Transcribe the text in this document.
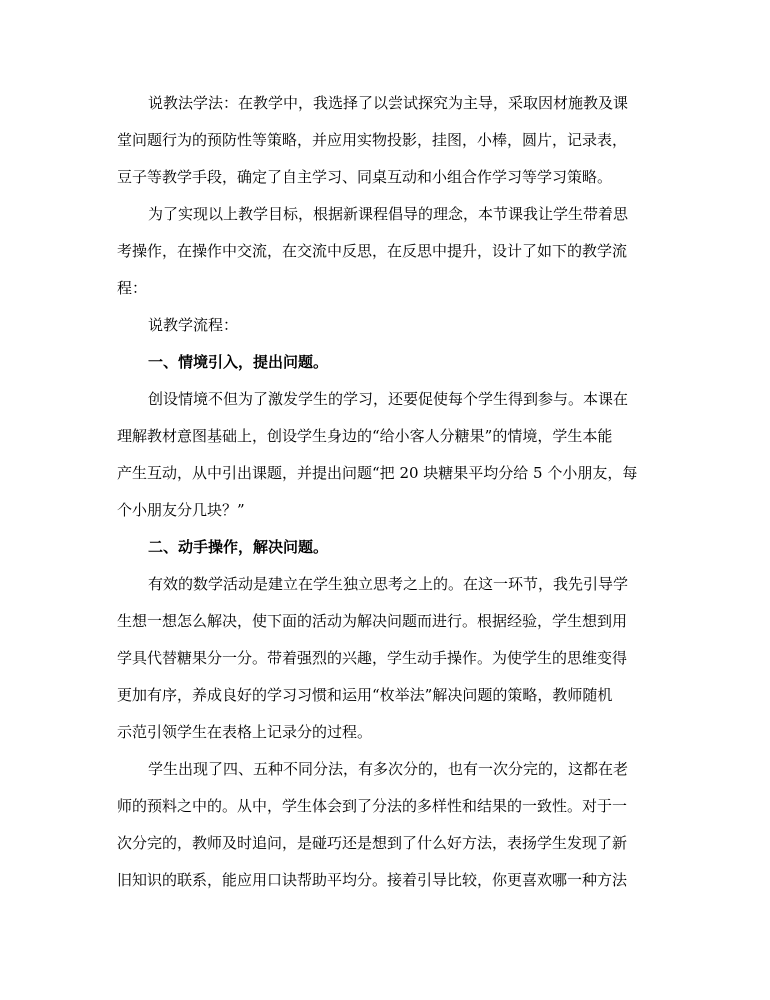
说教法学法：在教学中，我选择了以尝试探究为主导，采取因材施教及课
堂问题行为的预防性等策略，并应用实物投影，挂图，小棒，圆片，记录表，
豆子等教学手段，确定了自主学习、同桌互动和小组合作学习等学习策略。
为了实现以上教学目标，根据新课程倡导的理念，本节课我让学生带着思
考操作，在操作中交流，在交流中反思，在反思中提升，设计了如下的教学流
程：
说教学流程：
一、情境引入，提出问题。
创设情境不但为了激发学生的学习，还要促使每个学生得到参与。本课在
理解教材意图基础上，创设学生身边的“给小客人分糖果”的情境，学生本能
产生互动，从中引出课题，并提出问题“把 20 块糖果平均分给 5 个小朋友，每
个小朋友分几块？”
二、动手操作，解决问题。
有效的数学活动是建立在学生独立思考之上的。在这一环节，我先引导学
生想一想怎么解决，使下面的活动为解决问题而进行。根据经验，学生想到用
学具代替糖果分一分。带着强烈的兴趣，学生动手操作。为使学生的思维变得
更加有序，养成良好的学习习惯和运用“枚举法”解决问题的策略，教师随机
示范引领学生在表格上记录分的过程。
学生出现了四、五种不同分法，有多次分的，也有一次分完的，这都在老
师的预料之中的。从中，学生体会到了分法的多样性和结果的一致性。对于一
次分完的，教师及时追问，是碰巧还是想到了什么好方法，表扬学生发现了新
旧知识的联系，能应用口诀帮助平均分。接着引导比较，你更喜欢哪一种方法
